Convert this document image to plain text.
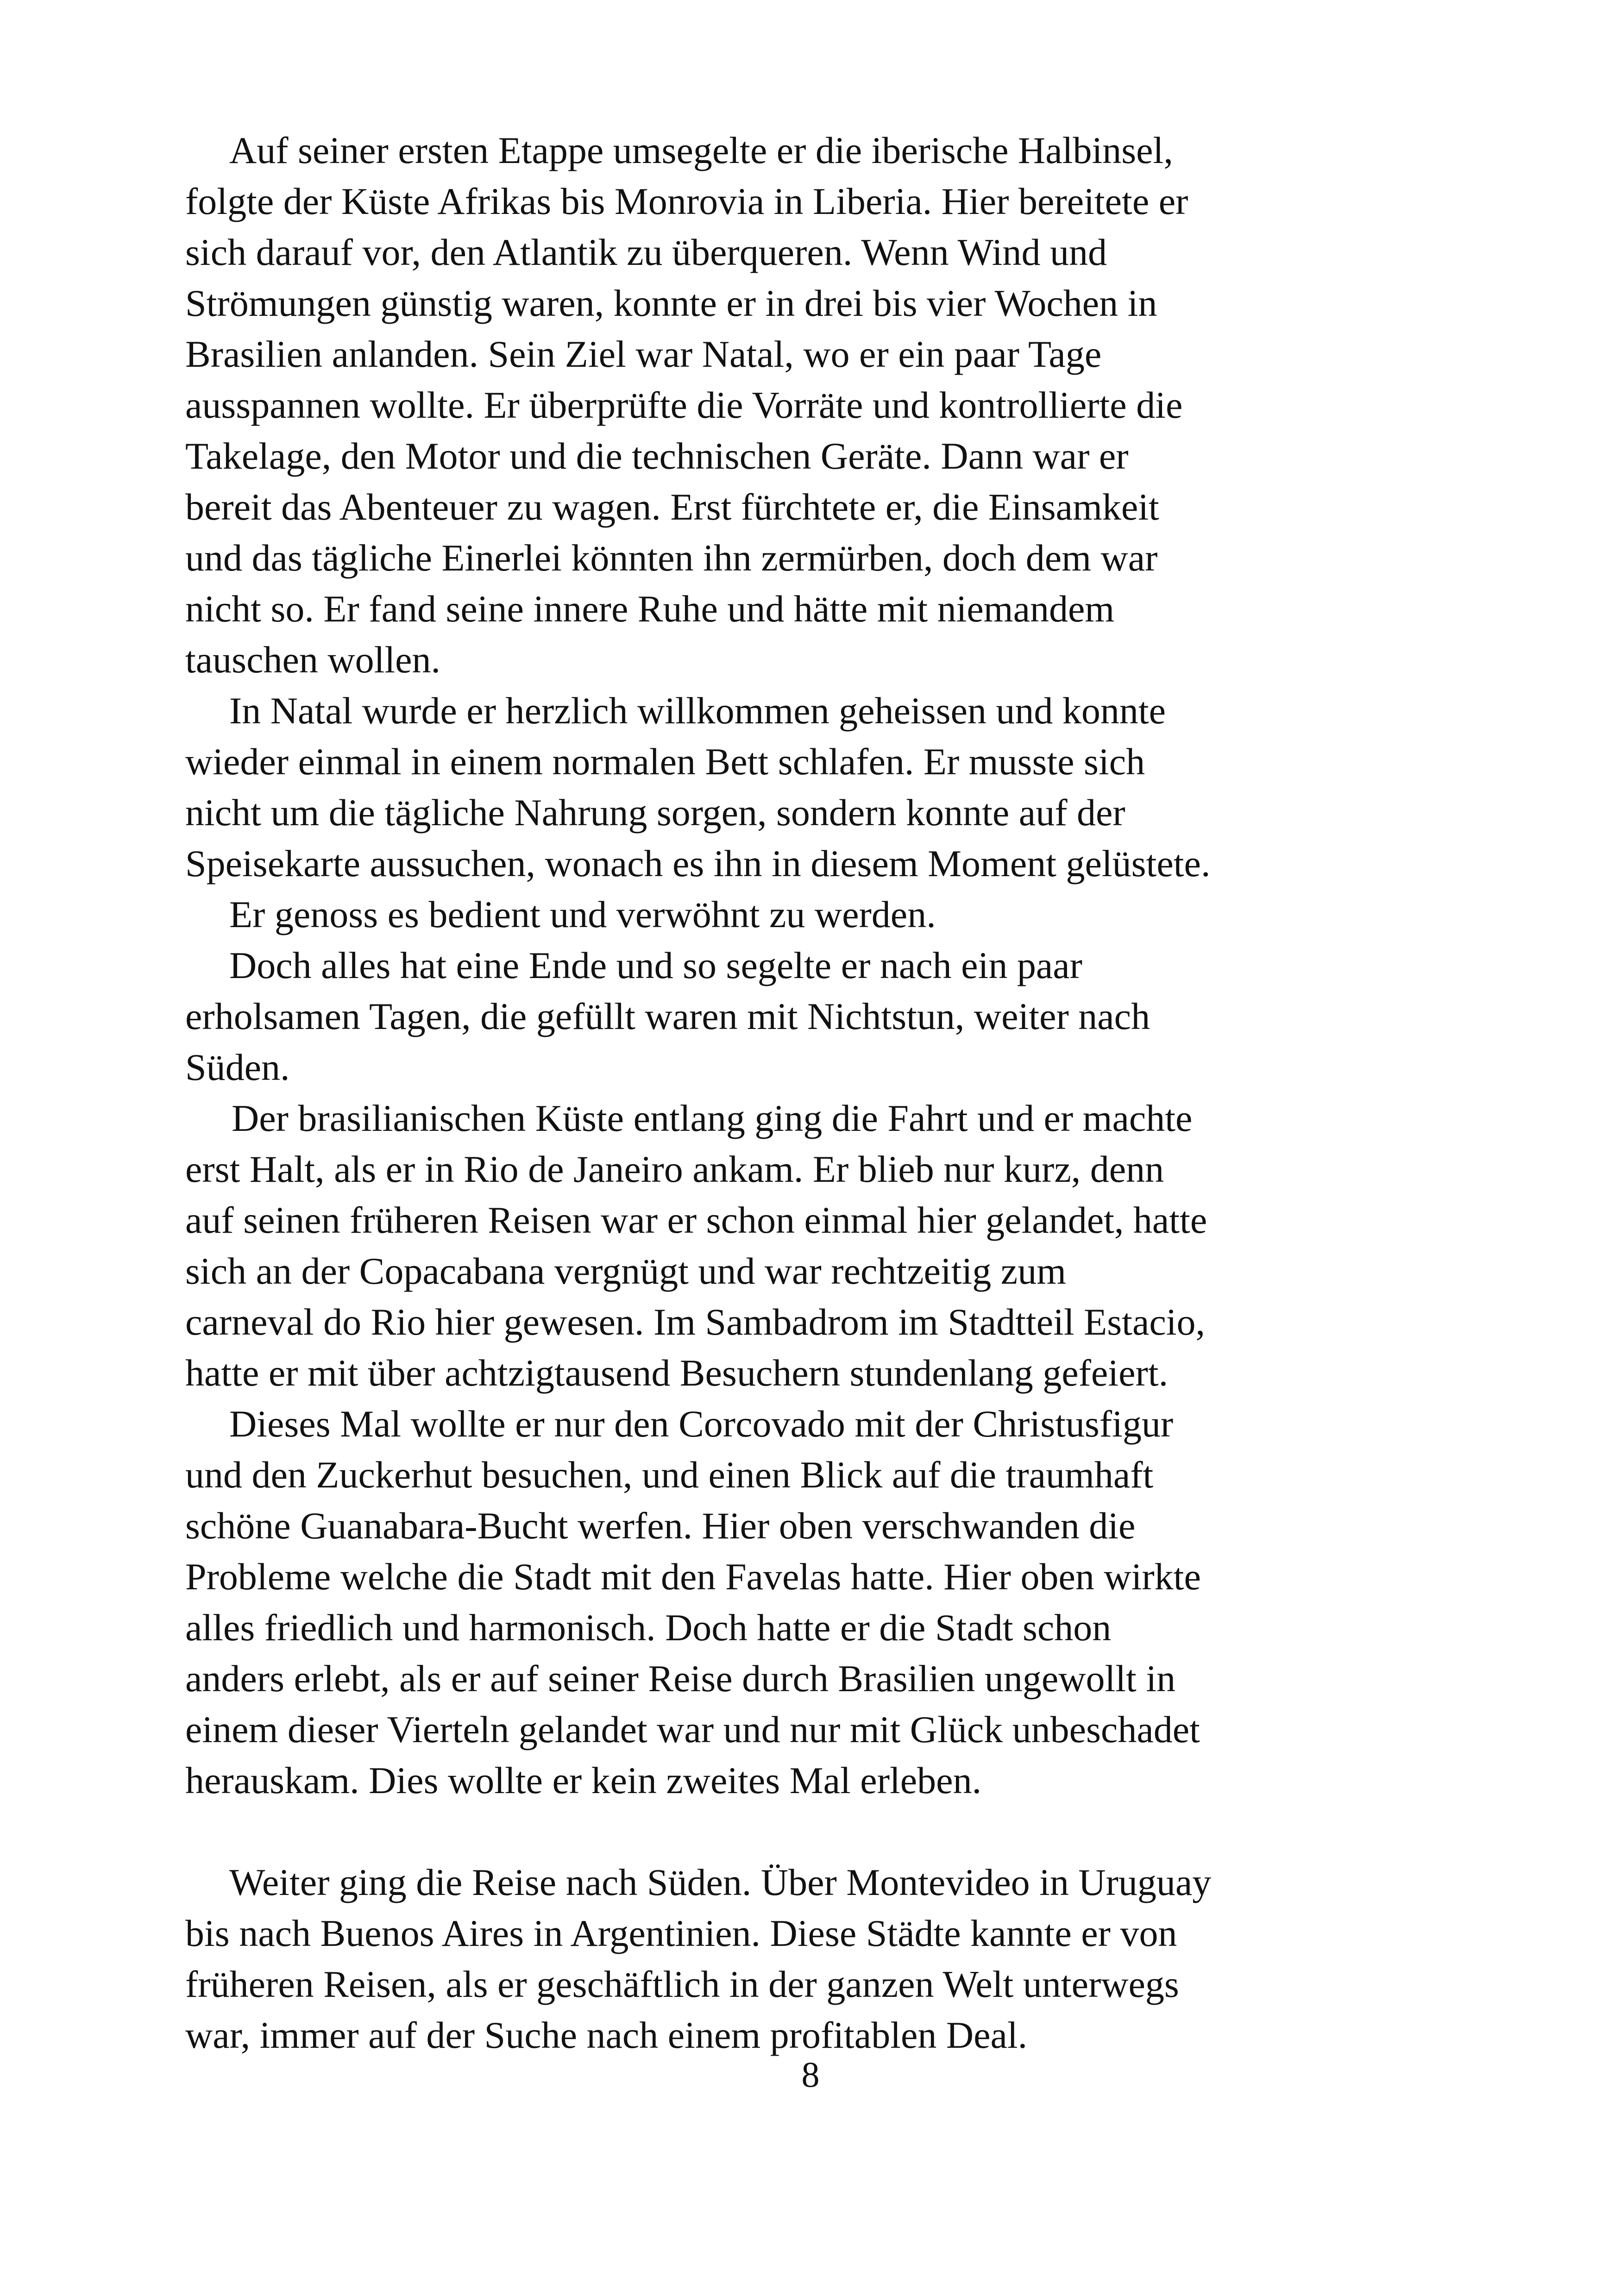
Auf seiner ersten Etappe umsegelte er die iberische Halbinsel,
folgte der Küste Afrikas bis Monrovia in Liberia. Hier bereitete er
sich darauf vor, den Atlantik zu überqueren. Wenn Wind und
Strömungen günstig waren, konnte er in drei bis vier Wochen in
Brasilien anlanden. Sein Ziel war Natal, wo er ein paar Tage
ausspannen wollte. Er überprüfte die Vorräte und kontrollierte die
Takelage, den Motor und die technischen Geräte. Dann war er
bereit das Abenteuer zu wagen. Erst fürchtete er, die Einsamkeit
und das tägliche Einerlei könnten ihn zermürben, doch dem war
nicht so. Er fand seine innere Ruhe und hätte mit niemandem
tauschen wollen.
In Natal wurde er herzlich willkommen geheissen und konnte
wieder einmal in einem normalen Bett schlafen. Er musste sich
nicht um die tägliche Nahrung sorgen, sondern konnte auf der
Speisekarte aussuchen, wonach es ihn in diesem Moment gelüstete.
Er genoss es bedient und verwöhnt zu werden.
Doch alles hat eine Ende und so segelte er nach ein paar
erholsamen Tagen, die gefüllt waren mit Nichtstun, weiter nach
Süden.
Der brasilianischen Küste entlang ging die Fahrt und er machte
erst Halt, als er in Rio de Janeiro ankam. Er blieb nur kurz, denn
auf seinen früheren Reisen war er schon einmal hier gelandet, hatte
sich an der Copacabana vergnügt und war rechtzeitig zum
carneval do Rio hier gewesen. Im Sambadrom im Stadtteil Estacio,
hatte er mit über achtzigtausend Besuchern stundenlang gefeiert.
Dieses Mal wollte er nur den Corcovado mit der Christusfigur
und den Zuckerhut besuchen, und einen Blick auf die traumhaft
schöne Guanabara-Bucht werfen. Hier oben verschwanden die
Probleme welche die Stadt mit den Favelas hatte. Hier oben wirkte
alles friedlich und harmonisch. Doch hatte er die Stadt schon
anders erlebt, als er auf seiner Reise durch Brasilien ungewollt in
einem dieser Vierteln gelandet war und nur mit Glück unbeschadet
herauskam. Dies wollte er kein zweites Mal erleben.
Weiter ging die Reise nach Süden. Über Montevideo in Uruguay
bis nach Buenos Aires in Argentinien. Diese Städte kannte er von
früheren Reisen, als er geschäftlich in der ganzen Welt unterwegs
war, immer auf der Suche nach einem profitablen Deal.
8
